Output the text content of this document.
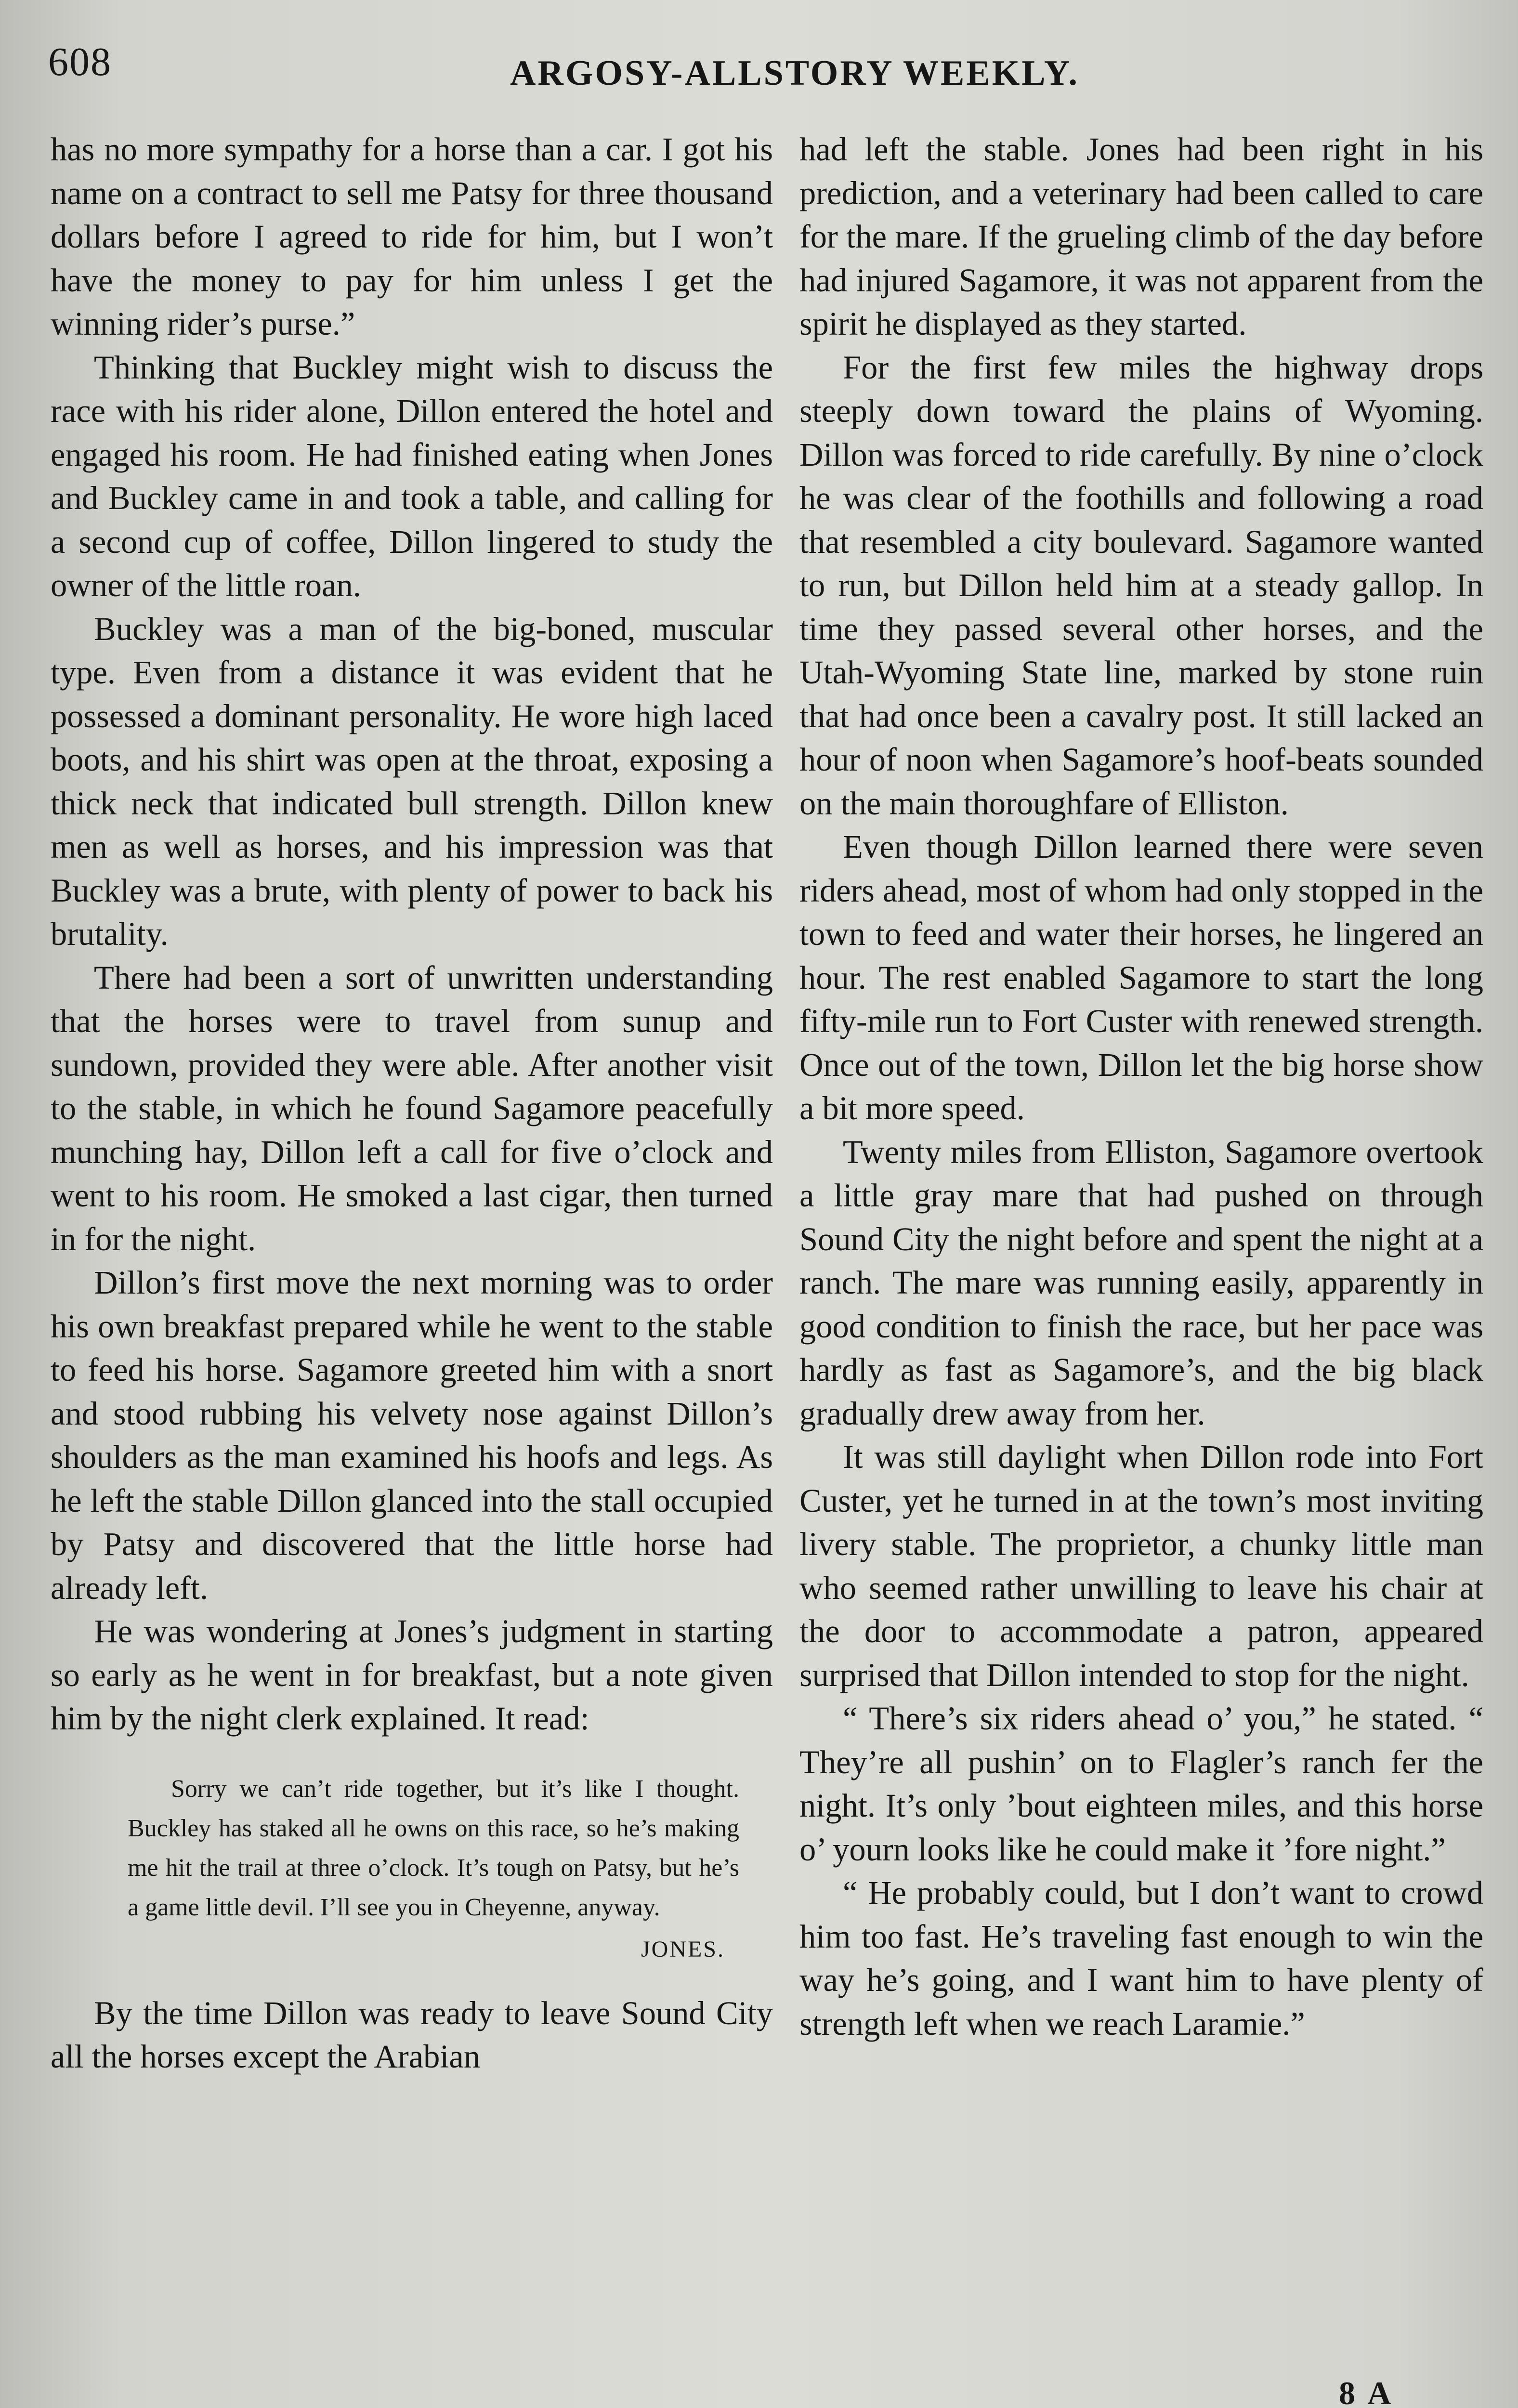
608	ARGOSY-ALLSTORY WEEKLY.

has no more sympathy for a horse than a car. I got his name on a contract to sell me Patsy for three thousand dollars before I agreed to ride for him, but I won’t have the money to pay for him unless I get the winning rider’s purse.”

Thinking that Buckley might wish to discuss the race with his rider alone, Dillon entered the hotel and engaged his room. He had finished eating when Jones and Buckley came in and took a table, and calling for a second cup of coffee, Dillon lingered to study the owner of the little roan.

Buckley was a man of the big-boned, muscular type. Even from a distance it was evident that he possessed a dominant personality. He wore high laced boots, and his shirt was open at the throat, exposing a thick neck that indicated bull strength. Dillon knew men as well as horses, and his impression was that Buckley was a brute, with plenty of power to back his brutality.

There had been a sort of unwritten understanding that the horses were to travel from sunup and sundown, provided they were able. After another visit to the stable, in which he found Sagamore peacefully munching hay, Dillon left a call for five o’clock and went to his room. He smoked a last cigar, then turned in for the night.

Dillon’s first move the next morning was to order his own breakfast prepared while he went to the stable to feed his horse. Sagamore greeted him with a snort and stood rubbing his velvety nose against Dillon’s shoulders as the man examined his hoofs and legs. As he left the stable Dillon glanced into the stall occupied by Patsy and discovered that the little horse had already left.

He was wondering at Jones’s judgment in starting so early as he went in for breakfast, but a note given him by the night clerk explained. It read:

Sorry we can’t ride together, but it’s like I thought. Buckley has staked all he owns on this race, so he’s making me hit the trail at three o’clock. It’s tough on Patsy, but he’s a game little devil. I’ll see you in Cheyenne, anyway.

JONES.

By the time Dillon was ready to leave Sound City all the horses except the Arabian

had left the stable. Jones had been right in his prediction, and a veterinary had been called to care for the mare. If the grueling climb of the day before had injured Sagamore, it was not apparent from the spirit he displayed as they started.

For the first few miles the highway drops steeply down toward the plains of Wyoming. Dillon was forced to ride carefully. By nine o’clock he was clear of the foothills and following a road that resembled a city boulevard. Sagamore wanted to run, but Dillon held him at a steady gallop. In time they passed several other horses, and the Utah-Wyoming State line, marked by stone ruin that had once been a cavalry post. It still lacked an hour of noon when Sagamore’s hoof-beats sounded on the main thoroughfare of Elliston.

Even though Dillon learned there were seven riders ahead, most of whom had only stopped in the town to feed and water their horses, he lingered an hour. The rest enabled Sagamore to start the long fifty-mile run to Fort Custer with renewed strength. Once out of the town, Dillon let the big horse show a bit more speed.

Twenty miles from Elliston, Sagamore overtook a little gray mare that had pushed on through Sound City the night before and spent the night at a ranch. The mare was running easily, apparently in good condition to finish the race, but her pace was hardly as fast as Sagamore’s, and the big black gradually drew away from her.

It was still daylight when Dillon rode into Fort Custer, yet he turned in at the town’s most inviting livery stable. The proprietor, a chunky little man who seemed rather unwilling to leave his chair at the door to accommodate a patron, appeared surprised that Dillon intended to stop for the night.

“ There’s six riders ahead o’ you,” he stated. “ They’re all pushin’ on to Flagler’s ranch fer the night. It’s only ’bout eighteen miles, and this horse o’ yourn looks like he could make it ’fore night.”

“ He probably could, but I don’t want to crowd him too fast. He’s traveling fast enough to win the way he’s going, and I want him to have plenty of strength left when we reach Laramie.”

8 A
